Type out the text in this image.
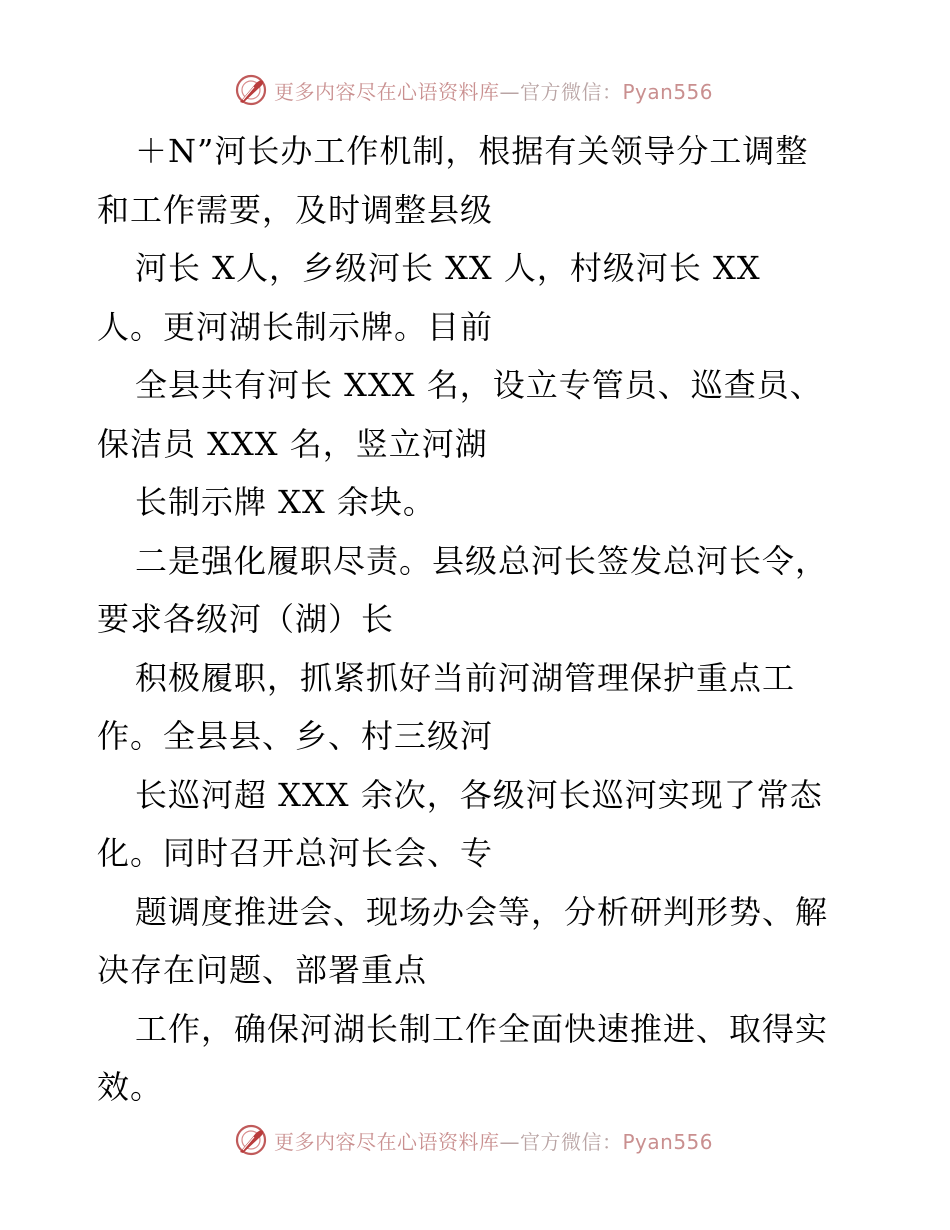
更多内容尽在心语资料库—官方微信：Pyan556
＋N”河长办工作机制，根据有关领导分工调整
和工作需要，及时调整县级
河长 X人，乡级河长 XX 人，村级河长 XX
人。更河湖长制示牌。目前
全县共有河长 XXX 名，设立专管员、巡查员、
保洁员 XXX 名，竖立河湖
长制示牌 XX 余块。
二是强化履职尽责。县级总河长签发总河长令，
要求各级河（湖）长
积极履职，抓紧抓好当前河湖管理保护重点工
作。全县县、乡、村三级河
长巡河超 XXX 余次，各级河长巡河实现了常态
化。同时召开总河长会、专
题调度推进会、现场办会等，分析研判形势、解
决存在问题、部署重点
工作，确保河湖长制工作全面快速推进、取得实
效。
更多内容尽在心语资料库—官方微信：Pyan556
